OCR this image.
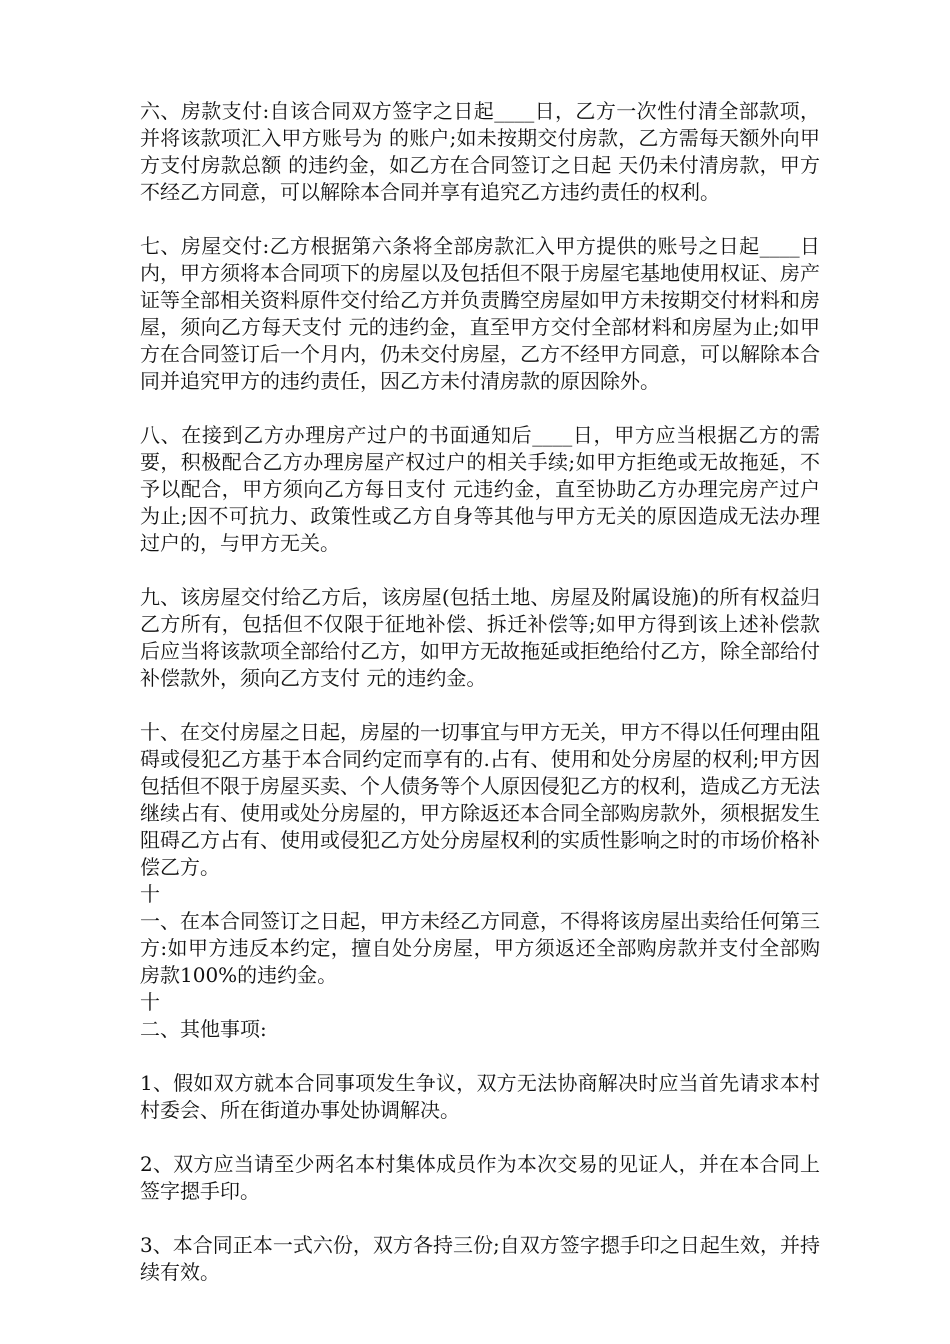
六、房款支付:自该合同双方签字之日起____日，乙方一次性付清全部款项，并将该款项汇入甲方账号为 的账户;如未按期交付房款，乙方需每天额外向甲方支付房款总额 的违约金，如乙方在合同签订之日起 天仍未付清房款，甲方不经乙方同意，可以解除本合同并享有追究乙方违约责任的权利。

七、房屋交付:乙方根据第六条将全部房款汇入甲方提供的账号之日起____日内，甲方须将本合同项下的房屋以及包括但不限于房屋宅基地使用权证、房产证等全部相关资料原件交付给乙方并负责腾空房屋如甲方未按期交付材料和房屋，须向乙方每天支付 元的违约金，直至甲方交付全部材料和房屋为止;如甲方在合同签订后一个月内，仍未交付房屋，乙方不经甲方同意，可以解除本合同并追究甲方的违约责任，因乙方未付清房款的原因除外。

八、在接到乙方办理房产过户的书面通知后____日，甲方应当根据乙方的需要，积极配合乙方办理房屋产权过户的相关手续;如甲方拒绝或无故拖延，不予以配合，甲方须向乙方每日支付 元违约金，直至协助乙方办理完房产过户为止;因不可抗力、政策性或乙方自身等其他与甲方无关的原因造成无法办理过户的，与甲方无关。

九、该房屋交付给乙方后，该房屋(包括土地、房屋及附属设施)的所有权益归乙方所有，包括但不仅限于征地补偿、拆迁补偿等;如甲方得到该上述补偿款后应当将该款项全部给付乙方，如甲方无故拖延或拒绝给付乙方，除全部给付补偿款外，须向乙方支付 元的违约金。

十、在交付房屋之日起，房屋的一切事宜与甲方无关，甲方不得以任何理由阻碍或侵犯乙方基于本合同约定而享有的.占有、使用和处分房屋的权利;甲方因包括但不限于房屋买卖、个人债务等个人原因侵犯乙方的权利，造成乙方无法继续占有、使用或处分房屋的，甲方除返还本合同全部购房款外，须根据发生阻碍乙方占有、使用或侵犯乙方处分房屋权利的实质性影响之时的市场价格补偿乙方。

十

一、在本合同签订之日起，甲方未经乙方同意，不得将该房屋出卖给任何第三方:如甲方违反本约定，擅自处分房屋，甲方须返还全部购房款并支付全部购房款100%的违约金。

十

二、其他事项:

1、假如双方就本合同事项发生争议，双方无法协商解决时应当首先请求本村村委会、所在街道办事处协调解决。

2、双方应当请至少两名本村集体成员作为本次交易的见证人，并在本合同上签字摁手印。

3、本合同正本一式六份，双方各持三份;自双方签字摁手印之日起生效，并持续有效。
